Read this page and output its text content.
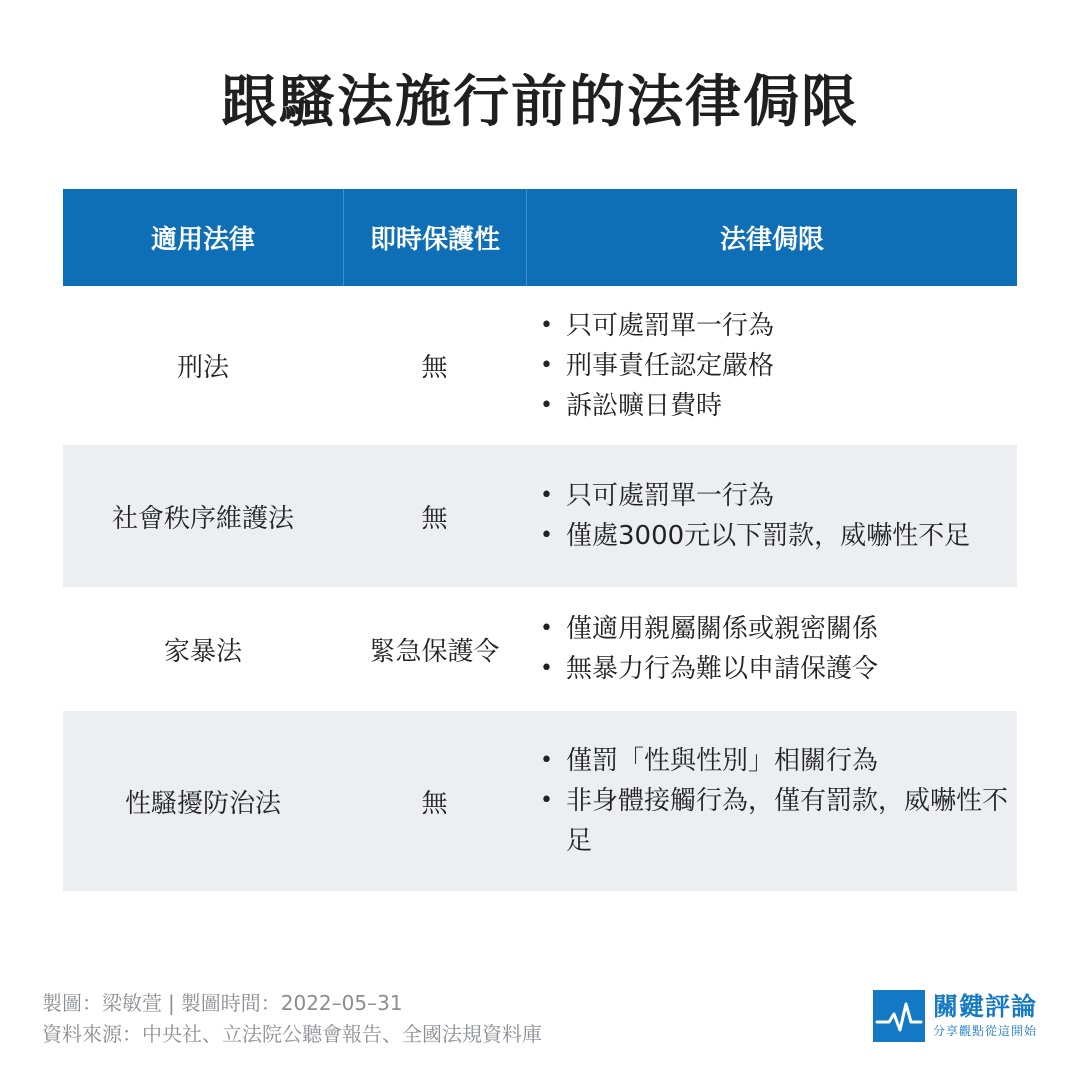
跟騷法施行前的法律侷限
適用法律	即時保護性	法律侷限
刑法	無
• 只可處罰單一行為
• 刑事責任認定嚴格
• 訴訟曠日費時
社會秩序維護法	無
• 只可處罰單一行為
• 僅處3000元以下罰款，威嚇性不足
家暴法	緊急保護令
• 僅適用親屬關係或親密關係
• 無暴力行為難以申請保護令
性騷擾防治法	無
• 僅罰「性與性別」相關行為
• 非身體接觸行為，僅有罰款，威嚇性不足
製圖：梁敏萱 | 製圖時間：2022–05–31
資料來源：中央社、立法院公聽會報告、全國法規資料庫
關鍵評論
分享觀點從這開始
